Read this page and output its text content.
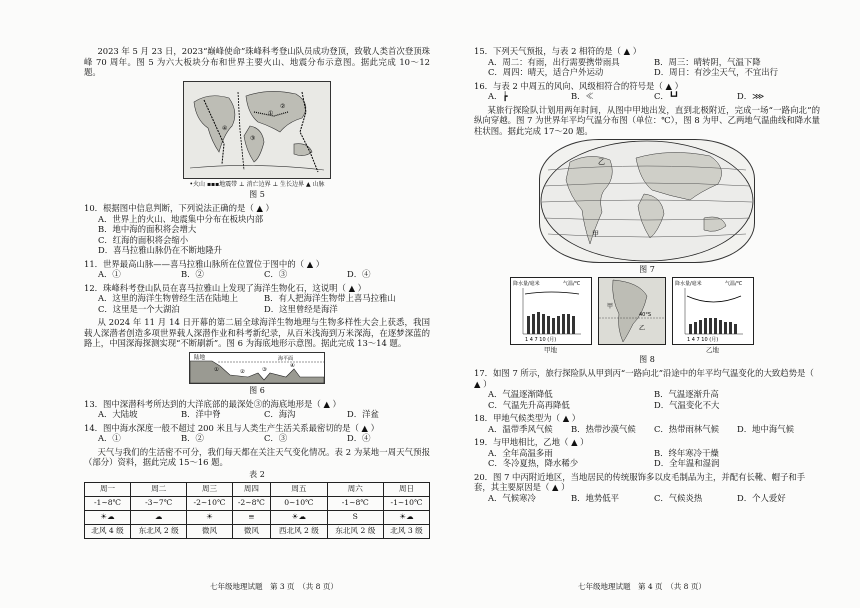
2023 年 5 月 23 日，2023“巅峰使命”珠峰科考登山队员成功登顶，致敬人类首次登顶珠峰 70 周年。图 5 为六大板块分布和世界主要火山、地震分布示意图。据此完成 10～12 题。

①
②
③
④
•火山 ▪▪▪地震带 ⊥ 消亡边界 ⊥ 生长边界 ▲ 山脉
图 5
10．根据图中信息判断，下列说法正确的是（ ▲ ）
A．世界上的火山、地震集中分布在板块内部
B．地中海的面积将会增大
C．红海的面积将会缩小
D．喜马拉雅山脉仍在不断地隆升
11．世界最高山脉——喜马拉雅山脉所在位置位于图中的（ ▲ ）
A．①	B．②	C．③	D．④
12．珠峰科考登山队员在喜马拉雅山上发现了海洋生物化石，这说明（ ▲ ）
A．这里的海洋生物曾经生活在陆地上	B．有人把海洋生物带上喜马拉雅山
C．这里是一个大湖泊	D．这里曾经是海洋

从 2024 年 11 月 14 日开幕的第二届全球海洋生物地理与生物多样性大会上获悉，我国载人深潜者创造多项世界载人深潜作业和科考新纪录，从百米浅海到万米深海，在逐梦深蓝的路上，中国深海探测实现“不断刷新”。图 6 为海底地形示意图。据此完成 13～14 题。

陆地	海平面
①	②	③
④
图 6
13．图中深潜科考所达到的大洋底部的最深处③的海底地形是（ ▲ ）
A．大陆坡	B．洋中脊	C．海沟	D．洋盆
14．图中海水深度一般不超过 200 米且与人类生产生活关系最密切的是（ ▲ ）
A．①	B．②	C．③	D．④

天气与我们的生活密不可分，我们每天都在关注天气变化情况。表 2 为某地一周天气预报（部分）资料，据此完成 15～16 题。

表 2
周一	周二	周三	周四	周五	周六	周日
-1~8℃	-3~7℃	-2~10℃	-2~8℃	0~10℃	-1~8℃	-1~10℃
☀☁	☁	☀	≡	☀☁	S	☀☁
北风 4 级	东北风 2 级	微风	微风	西北风 2 级	东北风 2 级	北风 3 级
七年级地理试题　第 3 页　（共 8 页）
15．下列天气预报，与表 2 相符的是（ ▲ ）
A．周二：有雨，出行需要携带雨具	B．周三：晴转阴，气温下降
C．周四：晴天，适合户外运动	D．周日：有沙尘天气，不宜出行
16．与表 2 中周五的风向、风级相符合的符号是（ ▲ ）
A．┢	B．≪	C．┗┛	D．⋙

某旅行探险队计划用两年时间，从图中甲地出发，直到北极附近，完成一场“一路向北”的纵向穿越。图 7 为世界年平均气温分布图（单位：℃），图 8 为甲、乙两地气温曲线和降水量柱状图。据此完成 17～20 题。

甲
乙
图 7
降水量/毫米	气温/℃
1 4 7 10 (月)
40°S
甲
乙
降水量/毫米	气温/℃
1 4 7 10 (月)
甲地	乙地
图 8
17．如图 7 所示，旅行探险队从甲到丙“一路向北”沿途中的年平均气温变化的大致趋势是（ ▲ ）
A．气温逐渐降低	B．气温逐渐升高
C．气温先升高再降低	D．气温变化不大
18．甲地气候类型为（ ▲ ）
A．温带季风气候	B．热带沙漠气候	C．热带雨林气候	D．地中海气候
19．与甲地相比，乙地（ ▲ ）
A．全年高温多雨	B．终年寒冷干燥
C．冬冷夏热，降水稀少	D．全年温和湿润
20．图 7 中丙附近地区，当地居民的传统服饰多以皮毛制品为主，并配有长靴、帽子和手套，其主要原因是（ ▲ ）
A．气候寒冷	B．地势低平	C．气候炎热	D．个人爱好
七年级地理试题　第 4 页　（共 8 页）
